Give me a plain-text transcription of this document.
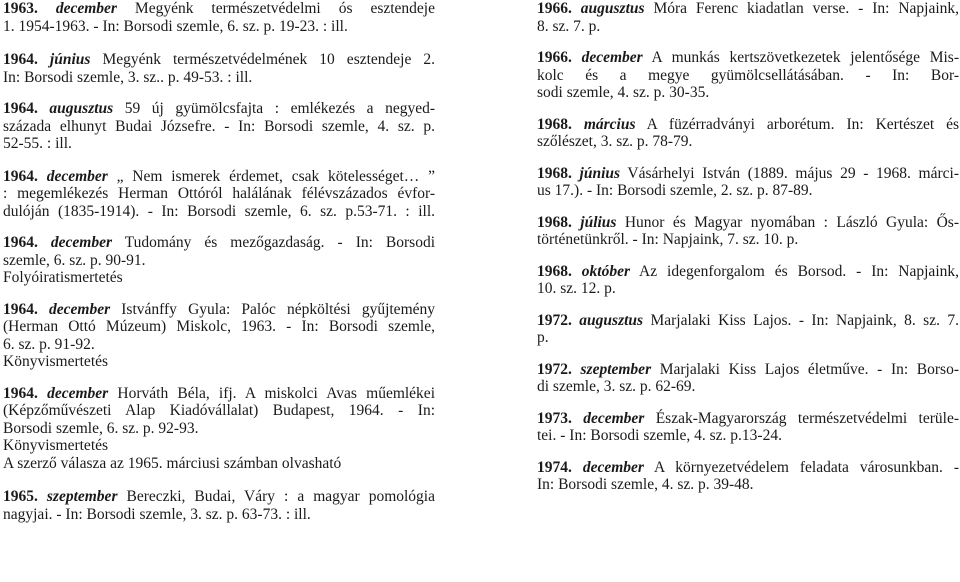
1963. december Megyénk természetvédelmi ós esztendeje
1. 1954-1963. - In: Borsodi szemle, 6. sz. p. 19-23. : ill.
1964. június Megyénk természetvédelmének 10 esztendeje 2.
In: Borsodi szemle, 3. sz.. p. 49-53. : ill.
1964. augusztus 59 új gyümölcsfajta : emlékezés a negyed-
százada elhunyt Budai Józsefre. - In: Borsodi szemle, 4. sz. p.
52-55. : ill.
1964. december „ Nem ismerek érdemet, csak kötelességet… ”
: megemlékezés Herman Ottóról halálának félévszázados évfor-
dulóján (1835-1914). - In: Borsodi szemle, 6. sz. p.53-71. : ill.
1964. december Tudomány és mezőgazdaság. - In: Borsodi
szemle, 6. sz. p. 90-91.
Folyóiratismertetés
1964. december Istvánffy Gyula: Palóc népköltési gyűjtemény
(Herman Ottó Múzeum) Miskolc, 1963. - In: Borsodi szemle,
6. sz. p. 91-92.
Könyvismertetés
1964. december Horváth Béla, ifj. A miskolci Avas műemlékei
(Képzőművészeti Alap Kiadóvállalat) Budapest, 1964. - In:
Borsodi szemle, 6. sz. p. 92-93.
Könyvismertetés
A szerző válasza az 1965. márciusi számban olvasható
1965. szeptember Bereczki, Budai, Váry : a magyar pomológia
nagyjai. - In: Borsodi szemle, 3. sz. p. 63-73. : ill.
1966. augusztus Móra Ferenc kiadatlan verse. - In: Napjaink,
8. sz. 7. p.
1966. december A munkás kertszövetkezetek jelentősége Mis-
kolc és a megye gyümölcsellátásában. - In: Bor-
sodi szemle, 4. sz. p. 30-35.
1968. március A füzérradványi arborétum. In: Kertészet és
szőlészet, 3. sz. p. 78-79.
1968. június Vásárhelyi István (1889. május 29 - 1968. márci-
us 17.). - In: Borsodi szemle, 2. sz. p. 87-89.
1968. július Hunor és Magyar nyomában : László Gyula: Ős-
történetünkről. - In: Napjaink, 7. sz. 10. p.
1968. október Az idegenforgalom és Borsod. - In: Napjaink,
10. sz. 12. p.
1972. augusztus Marjalaki Kiss Lajos. - In: Napjaink, 8. sz. 7.
p.
1972. szeptember Marjalaki Kiss Lajos életműve. - In: Borso-
di szemle, 3. sz. p. 62-69.
1973. december Észak-Magyarország természetvédelmi terüle-
tei. - In: Borsodi szemle, 4. sz. p.13-24.
1974. december A környezetvédelem feladata városunkban. -
In: Borsodi szemle, 4. sz. p. 39-48.
